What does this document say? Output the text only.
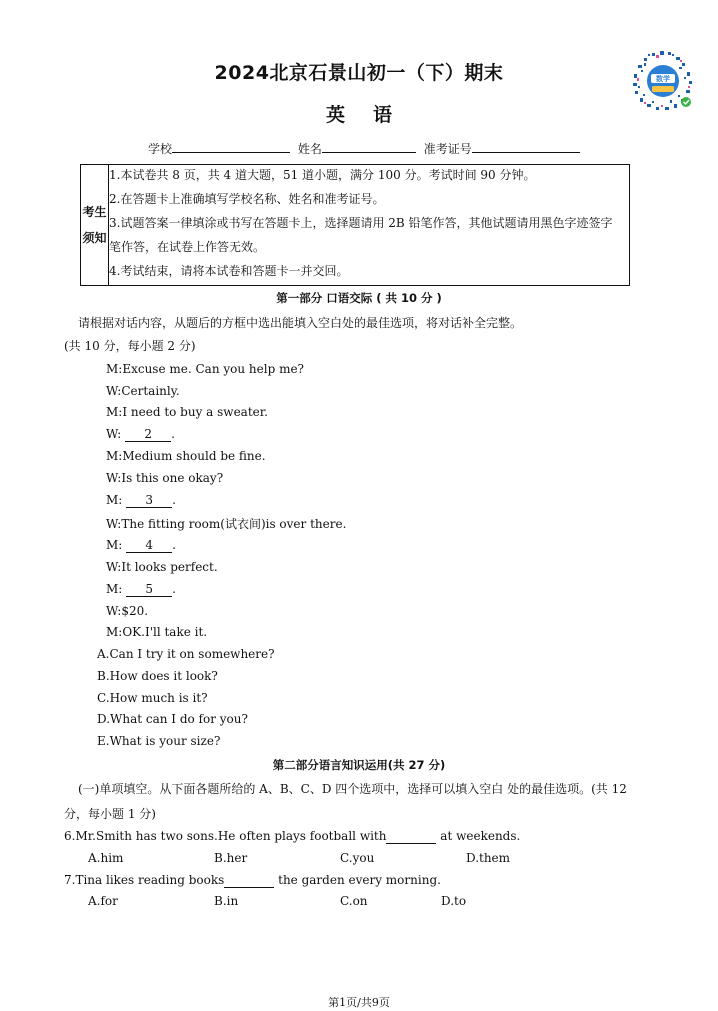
2024北京石景山初一（下）期末
英语
数学
学校	姓名	准考证号
考生
须知
1.本试卷共 8 页，共 4 道大题，51 道小题，满分 100 分。考试时间 90 分钟。
2.在答题卡上准确填写学校名称、姓名和准考证号。
3.试题答案一律填涂或书写在答题卡上，选择题请用 2B 铅笔作答，其他试题请用黑色字迹签字
笔作答，在试卷上作答无效。
4.考试结束，请将本试卷和答题卡一并交回。
第一部分 口语交际 ( 共 10 分 )
请根据对话内容，从题后的方框中选出能填入空白处的最佳选项，将对话补全完整。
(共 10 分，每小题 2 分)
M:Excuse me. Can you help me?
W:Certainly.
M:I need to buy a sweater.
W: 2 .
M:Medium should be fine.
W:Is this one okay?
M: 3 .
W:The fitting room(试衣间)is over there.
M: 4 .
W:It looks perfect.
M: 5 .
W:$20.
M:OK.I'll take it.
A.Can I try it on somewhere?
B.How does it look?
C.How much is it?
D.What can I do for you?
E.What is your size?
第二部分语言知识运用(共 27 分)
(一)单项填空。从下面各题所给的 A、B、C、D 四个选项中，选择可以填入空白 处的最佳选项。(共 12
分，每小题 1 分)
6.Mr.Smith has two sons.He often plays football with	at weekends.
A.him	B.her	C.you	D.them
7.Tina likes reading books	the garden every morning.
A.for	B.in	C.on	D.to
第1页/共9页
